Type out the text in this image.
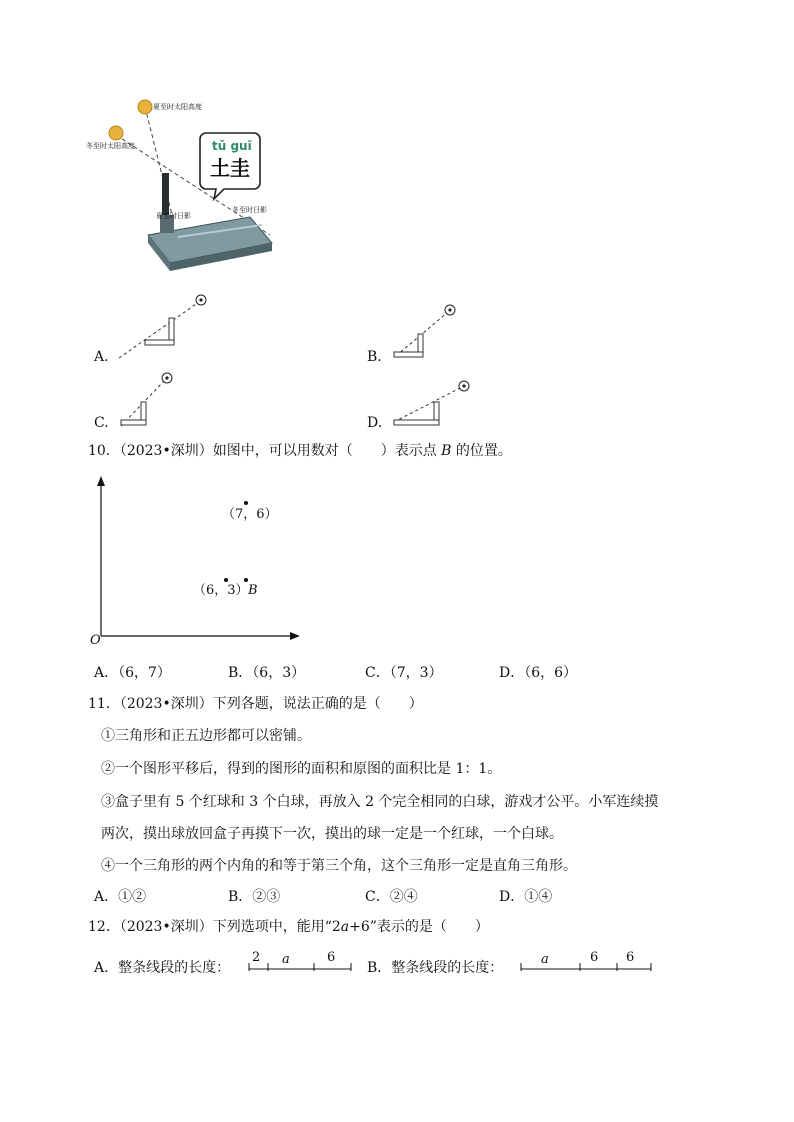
夏至时太阳高度
冬至时太阳高度	tǔ guī
土圭
夏至时日影
冬至时日影
A.	B.
C.	D.
10．（2023•深圳）如图中，可以用数对（　　）表示点 B 的位置。
O
（7，6）
（6，3） B
A．（6，7）	B．（6，3）	C．（7，3）	D．（6，6）
11．（2023•深圳）下列各题，说法正确的是（　　）
①三角形和正五边形都可以密铺。
②一个图形平移后，得到的图形的面积和原图的面积比是 1：1。
③盒子里有 5 个红球和 3 个白球，再放入 2 个完全相同的白球，游戏才公平。小军连续摸
两次，摸出球放回盒子再摸下一次，摸出的球一定是一个红球，一个白球。
④一个三角形的两个内角的和等于第三个角，这个三角形一定是直角三角形。
A．①②	B．②③	C．②④	D．①④
12．（2023•深圳）下列选项中，能用“2a+6”表示的是（　　）
A．整条线段的长度：
2 a	6
B．整条线段的长度：
a	6 6
